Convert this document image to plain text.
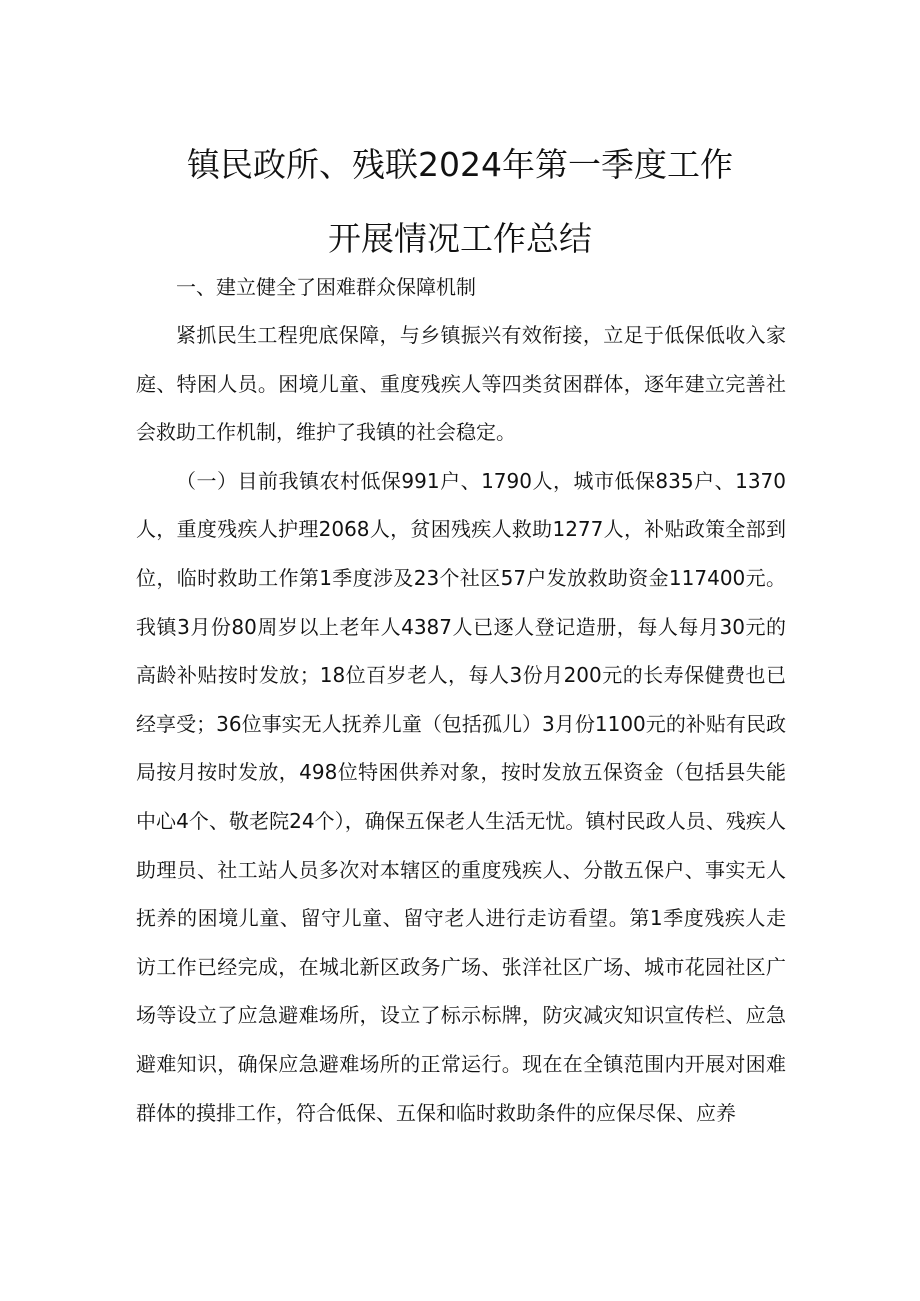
镇民政所、残联2024年第一季度工作
开展情况工作总结

一、建立健全了困难群众保障机制

紧抓民生工程兜底保障，与乡镇振兴有效衔接，立足于低保低收入家庭、特困人员。困境儿童、重度残疾人等四类贫困群体，逐年建立完善社会救助工作机制，维护了我镇的社会稳定。

（一）目前我镇农村低保991户、1790人，城市低保835户、1370人，重度残疾人护理2068人，贫困残疾人救助1277人，补贴政策全部到位，临时救助工作第1季度涉及23个社区57户发放救助资金117400元。我镇3月份80周岁以上老年人4387人已逐人登记造册，每人每月30元的高龄补贴按时发放；18位百岁老人，每人3份月200元的长寿保健费也已经享受；36位事实无人抚养儿童（包括孤儿）3月份1100元的补贴有民政局按月按时发放，498位特困供养对象，按时发放五保资金（包括县失能中心4个、敬老院24个），确保五保老人生活无忧。镇村民政人员、残疾人助理员、社工站人员多次对本辖区的重度残疾人、分散五保户、事实无人抚养的困境儿童、留守儿童、留守老人进行走访看望。第1季度残疾人走访工作已经完成，在城北新区政务广场、张洋社区广场、城市花园社区广场等设立了应急避难场所，设立了标示标牌，防灾减灾知识宣传栏、应急避难知识，确保应急避难场所的正常运行。现在在全镇范围内开展对困难群体的摸排工作，符合低保、五保和临时救助条件的应保尽保、应养
